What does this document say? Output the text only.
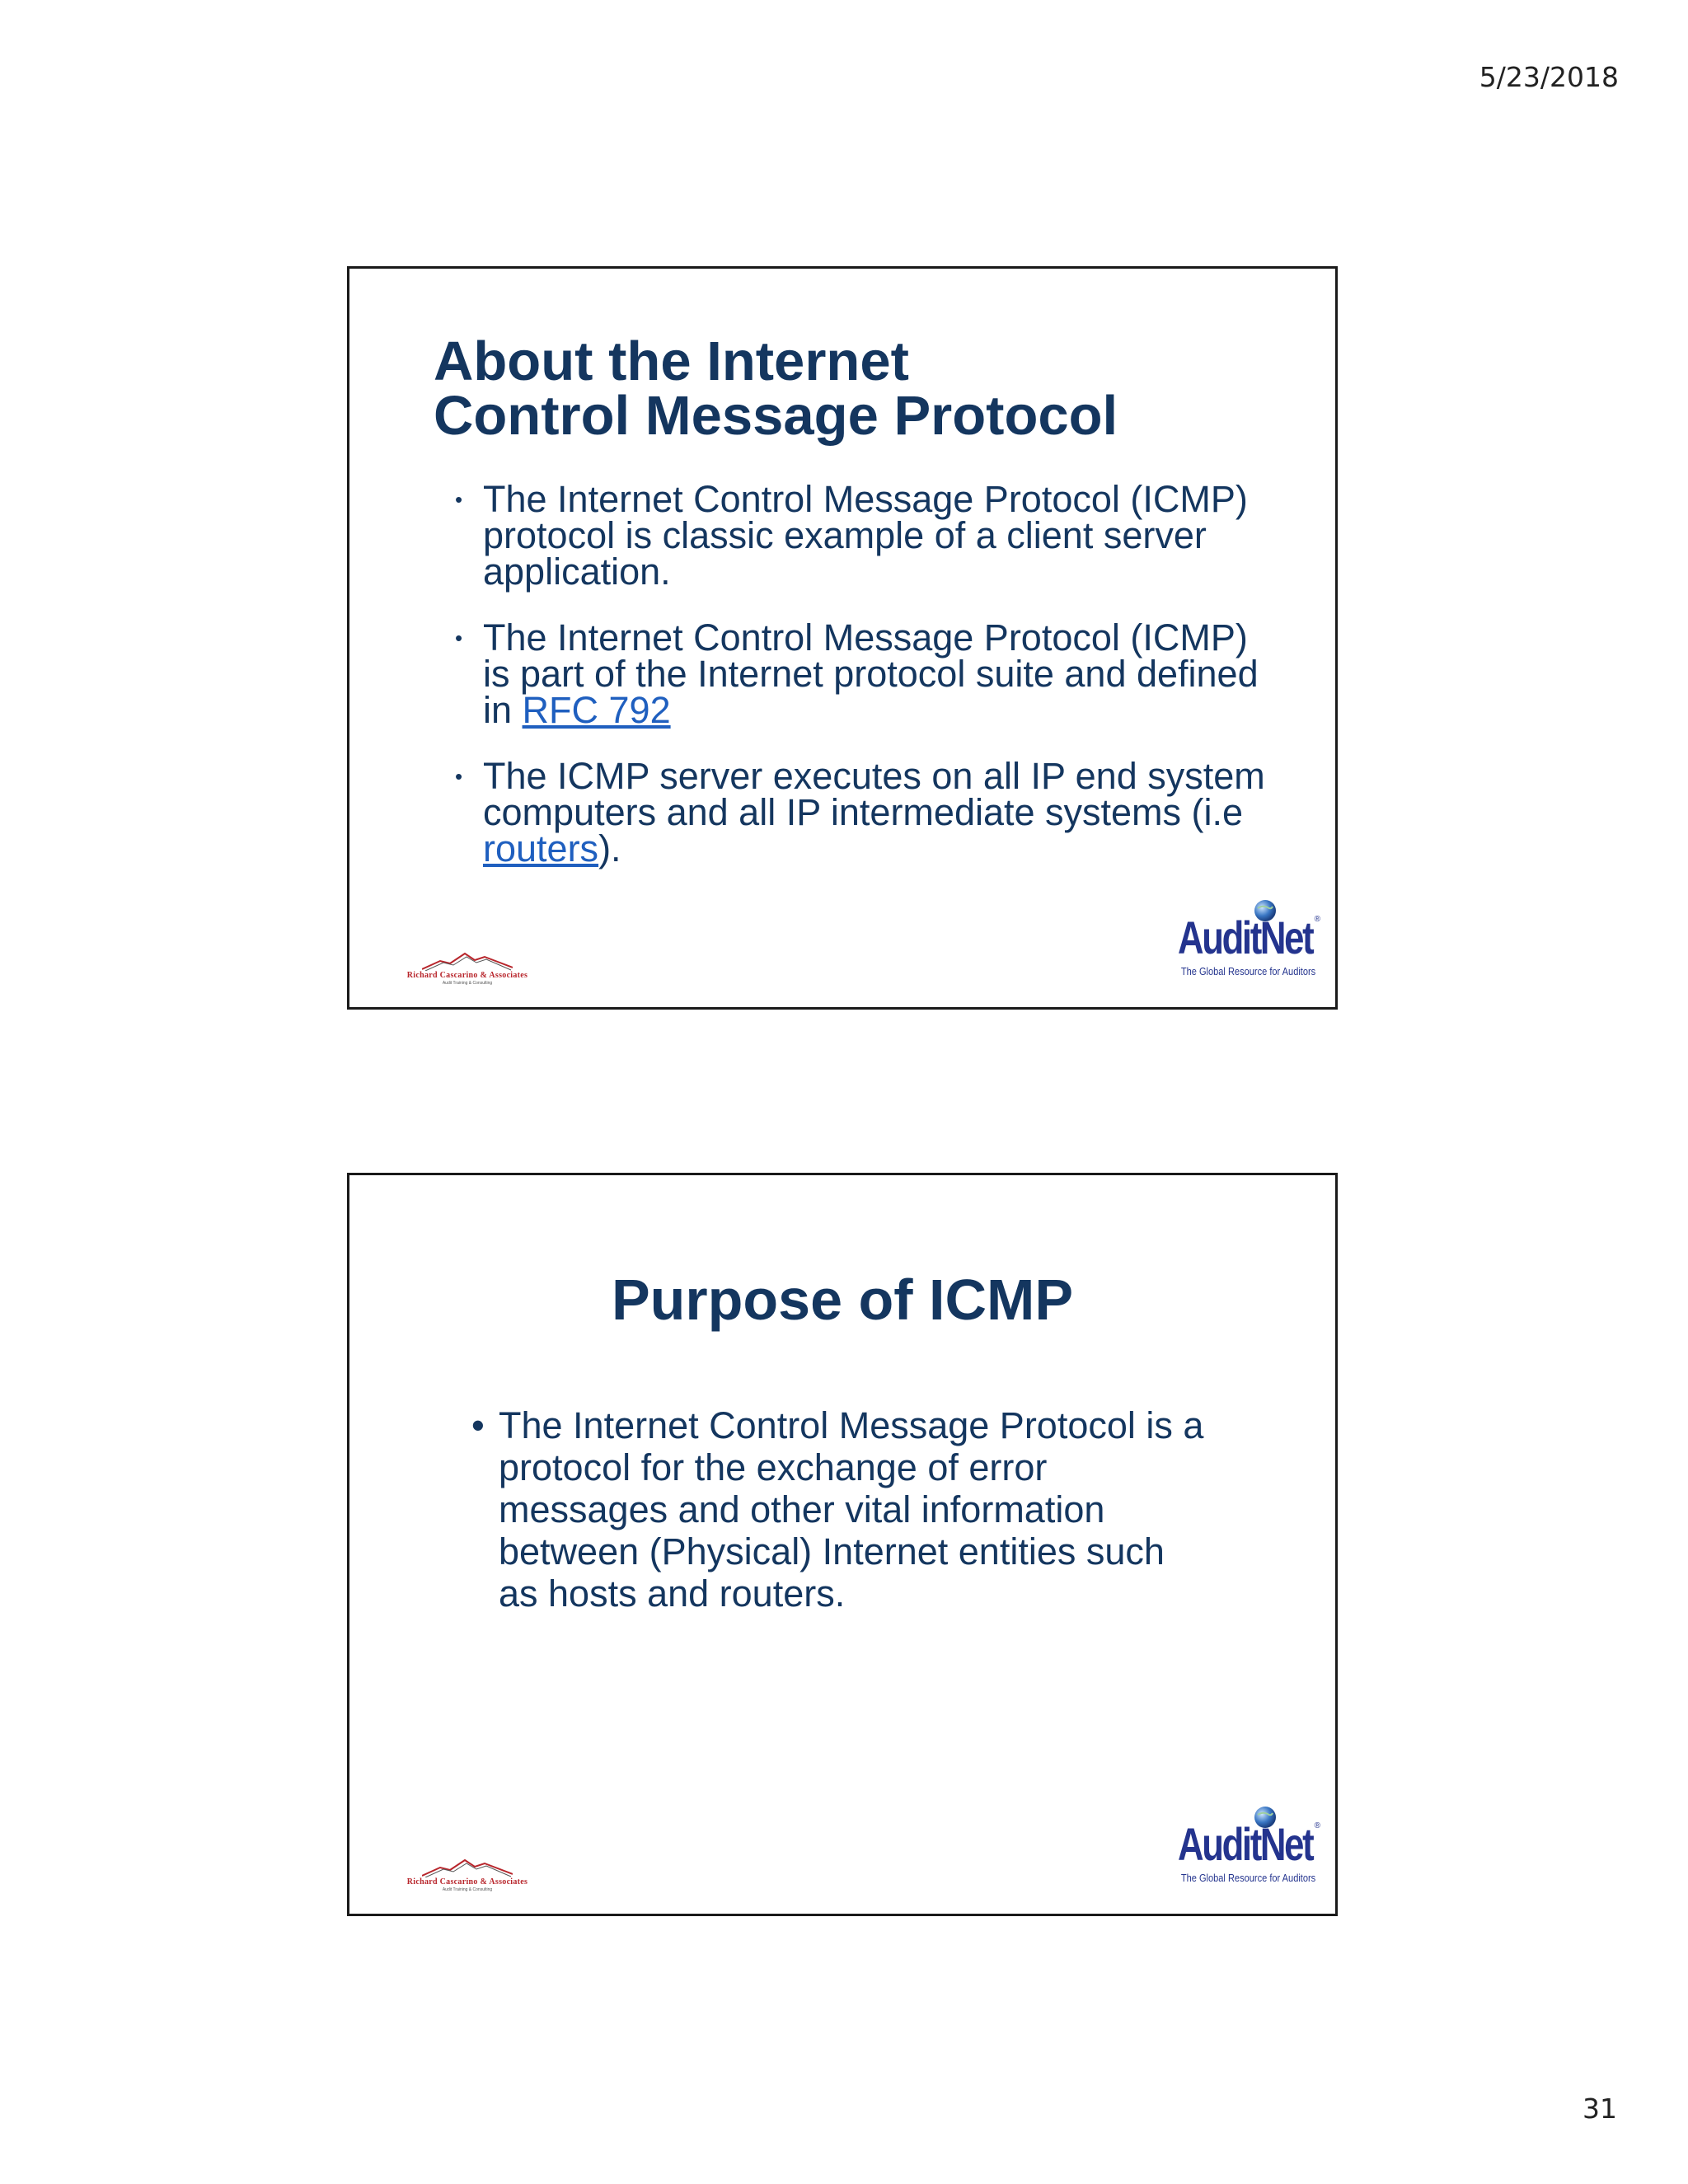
5/23/2018
About the Internet
Control Message Protocol
• The Internet Control Message Protocol (ICMP) protocol is classic example of a client server application.
• The Internet Control Message Protocol (ICMP) is part of the Internet protocol suite and defined in RFC 792
• The ICMP server executes on all IP end system computers and all IP intermediate systems (i.e routers).
Richard Cascarino & Associates
Audit Training & Consulting
AuditNet ®
The Global Resource for Auditors
Purpose of ICMP
• The Internet Control Message Protocol is a protocol for the exchange of error messages and other vital information between (Physical) Internet entities such as hosts and routers.
Richard Cascarino & Associates
Audit Training & Consulting
AuditNet ®
The Global Resource for Auditors
31
